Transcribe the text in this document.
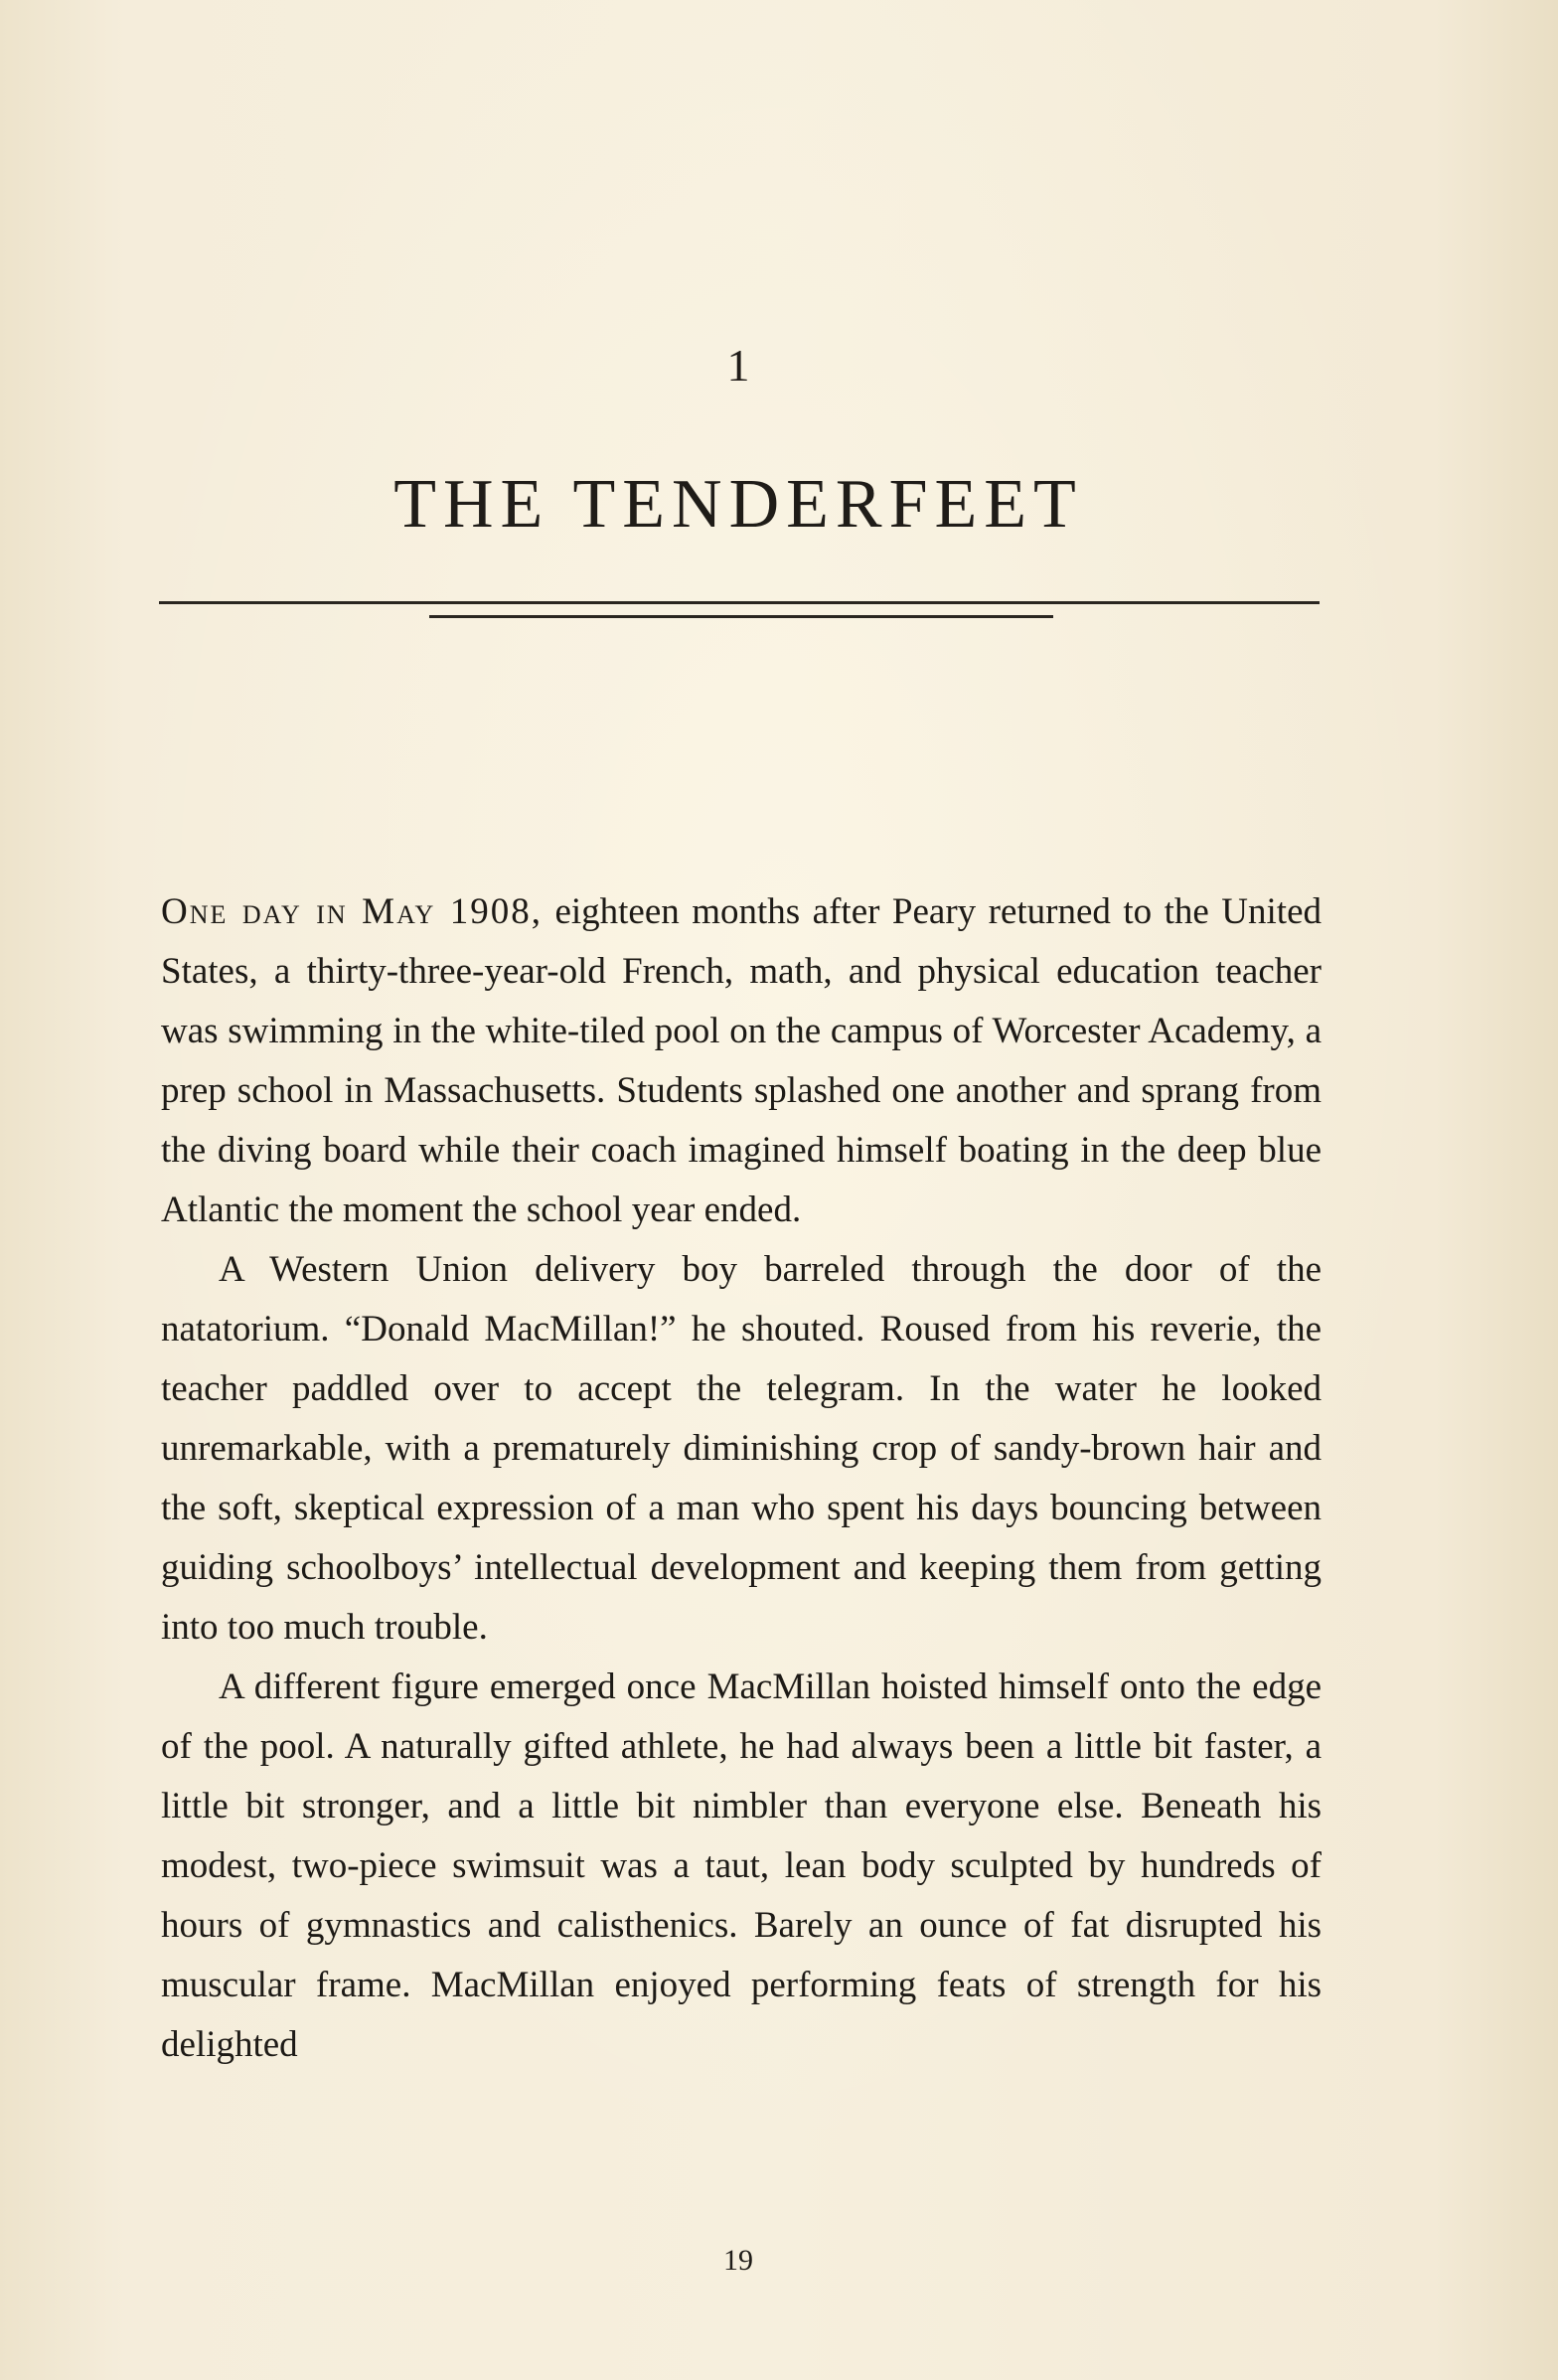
1
THE TENDERFEET

One day in May 1908, eighteen months after Peary returned to the United States, a thirty-three-year-old French, math, and physical education teacher was swimming in the white-tiled pool on the campus of Worcester Academy, a prep school in Massachusetts. Students splashed one another and sprang from the diving board while their coach imagined himself boating in the deep blue Atlantic the moment the school year ended.

A Western Union delivery boy barreled through the door of the natatorium. “Donald MacMillan!” he shouted. Roused from his reverie, the teacher paddled over to accept the telegram. In the water he looked unremarkable, with a prematurely diminishing crop of sandy-brown hair and the soft, skeptical expression of a man who spent his days bouncing between guiding schoolboys’ intellectual development and keeping them from getting into too much trouble.

A different figure emerged once MacMillan hoisted himself onto the edge of the pool. A naturally gifted athlete, he had always been a little bit faster, a little bit stronger, and a little bit nimbler than everyone else. Beneath his modest, two-piece swimsuit was a taut, lean body sculpted by hundreds of hours of gymnastics and calisthenics. Barely an ounce of fat disrupted his muscular frame. MacMillan enjoyed performing feats of strength for his delighted

19
